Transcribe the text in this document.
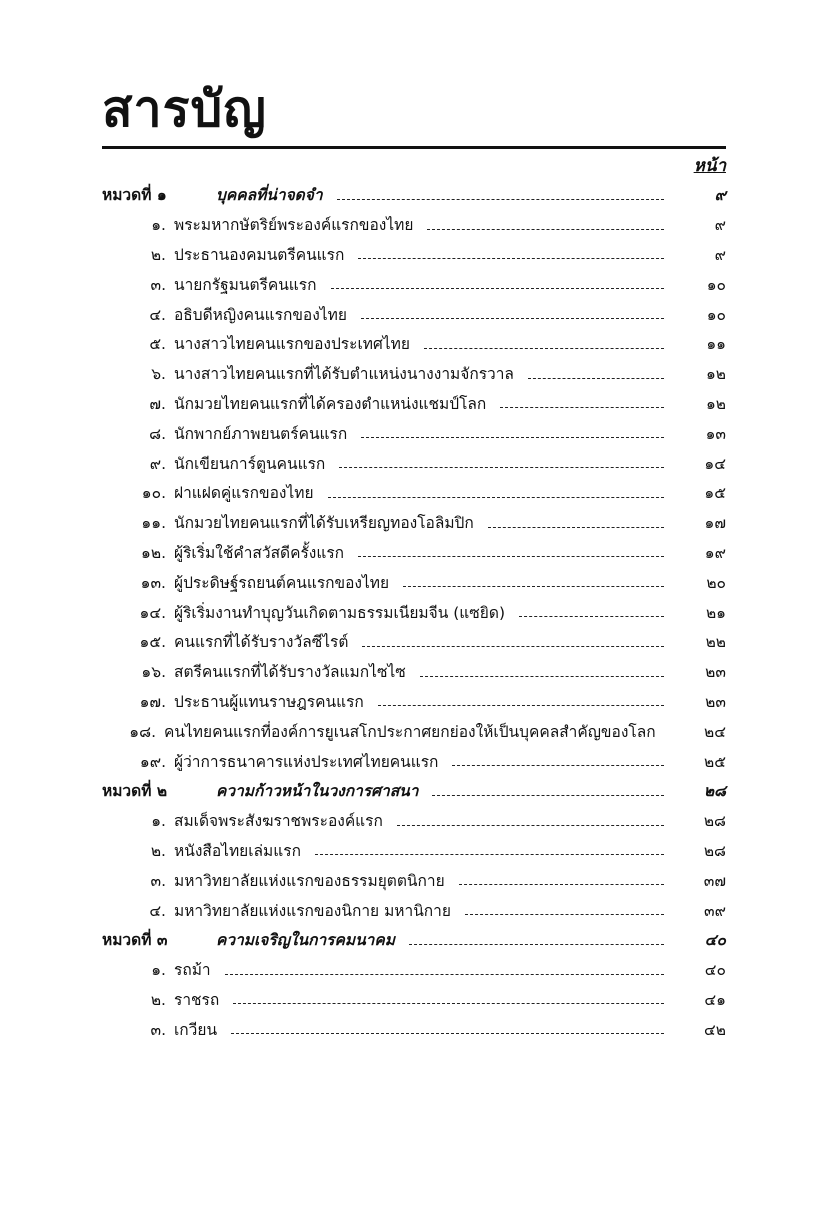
สารบัญ
หน้า
หมวดที่ ๑	บุคคลที่น่าจดจำ	๙
๑. พระมหากษัตริย์พระองค์แรกของไทย	๙
๒. ประธานองคมนตรีคนแรก	๙
๓. นายกรัฐมนตรีคนแรก	๑๐
๔. อธิบดีหญิงคนแรกของไทย	๑๐
๕. นางสาวไทยคนแรกของประเทศไทย	๑๑
๖. นางสาวไทยคนแรกที่ได้รับตำแหน่งนางงามจักรวาล	๑๒
๗. นักมวยไทยคนแรกที่ได้ครองตำแหน่งแชมป์โลก	๑๒
๘. นักพากย์ภาพยนตร์คนแรก	๑๓
๙. นักเขียนการ์ตูนคนแรก	๑๔
๑๐. ฝาแฝดคู่แรกของไทย	๑๕
๑๑. นักมวยไทยคนแรกที่ได้รับเหรียญทองโอลิมปิก	๑๗
๑๒. ผู้ริเริ่มใช้คำสวัสดีครั้งแรก	๑๙
๑๓. ผู้ประดิษฐ์รถยนต์คนแรกของไทย	๒๐
๑๔. ผู้ริเริ่มงานทำบุญวันเกิดตามธรรมเนียมจีน (แซยิด)	๒๑
๑๕. คนแรกที่ได้รับรางวัลซีไรต์	๒๒
๑๖. สตรีคนแรกที่ได้รับรางวัลแมกไซไซ	๒๓
๑๗. ประธานผู้แทนราษฎรคนแรก	๒๓
๑๘. คนไทยคนแรกที่องค์การยูเนสโกประกาศยกย่องให้เป็นบุคคลสำคัญของโลก	๒๔
๑๙. ผู้ว่าการธนาคารแห่งประเทศไทยคนแรก	๒๕
หมวดที่ ๒	ความก้าวหน้าในวงการศาสนา	๒๘
๑. สมเด็จพระสังฆราชพระองค์แรก	๒๘
๒. หนังสือไทยเล่มแรก	๒๘
๓. มหาวิทยาลัยแห่งแรกของธรรมยุตตนิกาย	๓๗
๔. มหาวิทยาลัยแห่งแรกของนิกาย มหานิกาย	๓๙
หมวดที่ ๓	ความเจริญในการคมนาคม	๔๐
๑. รถม้า	๔๐
๒. ราชรถ	๔๑
๓. เกวียน	๔๒
